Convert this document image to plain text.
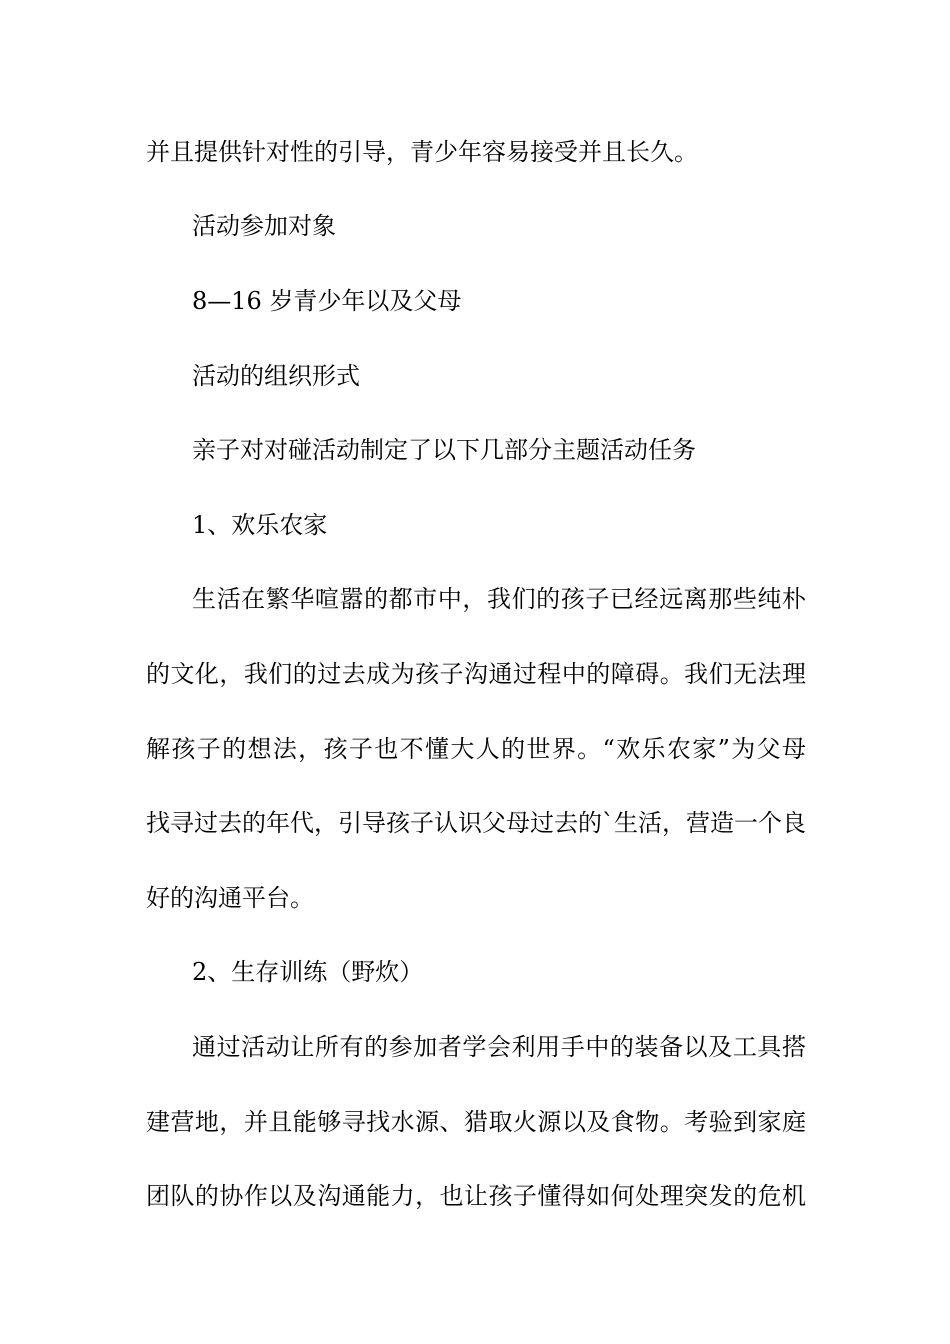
并且提供针对性的引导，青少年容易接受并且长久。
活动参加对象
8—16 岁青少年以及父母
活动的组织形式
亲子对对碰活动制定了以下几部分主题活动任务
1、欢乐农家
生活在繁华喧嚣的都市中，我们的孩子已经远离那些纯朴
的文化，我们的过去成为孩子沟通过程中的障碍。我们无法理
解孩子的想法，孩子也不懂大人的世界。“欢乐农家”为父母
找寻过去的年代，引导孩子认识父母过去的`生活，营造一个良
好的沟通平台。
2、生存训练（野炊）
通过活动让所有的参加者学会利用手中的装备以及工具搭
建营地，并且能够寻找水源、猎取火源以及食物。考验到家庭
团队的协作以及沟通能力，也让孩子懂得如何处理突发的危机
